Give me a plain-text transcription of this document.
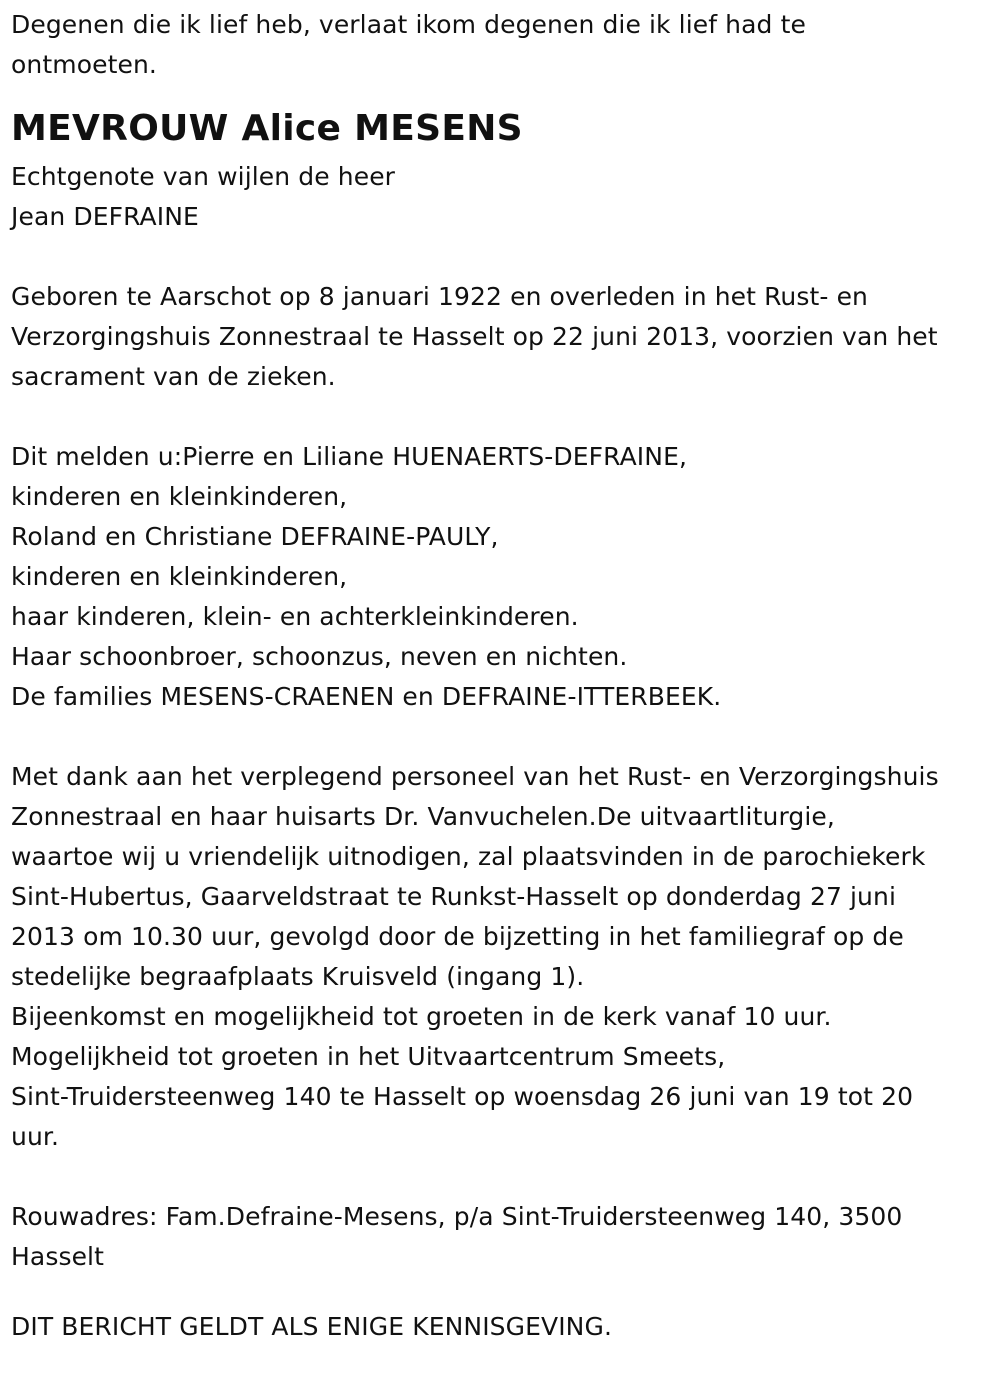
Degenen die ik lief heb, verlaat ikom degenen die ik lief had te
ontmoeten.
MEVROUW Alice MESENS
Echtgenote van wijlen de heer
Jean DEFRAINE
Geboren te Aarschot op 8 januari 1922 en overleden in het Rust- en
Verzorgingshuis Zonnestraal te Hasselt op 22 juni 2013, voorzien van het
sacrament van de zieken.
Dit melden u:Pierre en Liliane HUENAERTS-DEFRAINE,
kinderen en kleinkinderen,
Roland en Christiane DEFRAINE-PAULY,
kinderen en kleinkinderen,
haar kinderen, klein- en achterkleinkinderen.
Haar schoonbroer, schoonzus, neven en nichten.
De families MESENS-CRAENEN en DEFRAINE-ITTERBEEK.
Met dank aan het verplegend personeel van het Rust- en Verzorgingshuis
Zonnestraal en haar huisarts Dr. Vanvuchelen.De uitvaartliturgie,
waartoe wij u vriendelijk uitnodigen, zal plaatsvinden in de parochiekerk
Sint-Hubertus, Gaarveldstraat te Runkst-Hasselt op donderdag 27 juni
2013 om 10.30 uur, gevolgd door de bijzetting in het familiegraf op de
stedelijke begraafplaats Kruisveld (ingang 1).
Bijeenkomst en mogelijkheid tot groeten in de kerk vanaf 10 uur.
Mogelijkheid tot groeten in het Uitvaartcentrum Smeets,
Sint-Truidersteenweg 140 te Hasselt op woensdag 26 juni van 19 tot 20
uur.
Rouwadres: Fam.Defraine-Mesens, p/a Sint-Truidersteenweg 140, 3500
Hasselt
DIT BERICHT GELDT ALS ENIGE KENNISGEVING.
